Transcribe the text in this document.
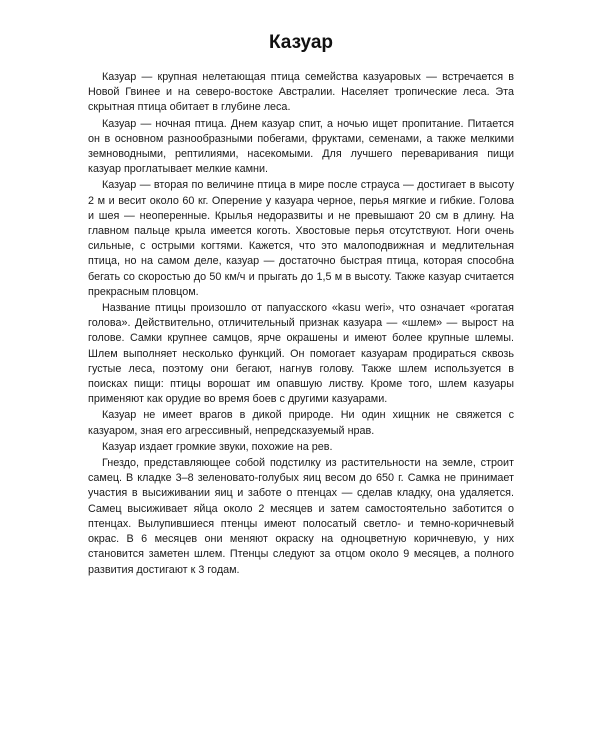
Казуар

Казуар — крупная нелетающая птица семейства казуаровых — встречается в Новой Гвинее и на северо-востоке Австралии. Населяет тропические леса. Эта скрытная птица обитает в глубине леса.

Казуар — ночная птица. Днем казуар спит, а ночью ищет пропитание. Питается он в основном разнообразными побегами, фруктами, семенами, а также мелкими земноводными, рептилиями, насекомыми. Для лучшего переваривания пищи казуар проглатывает мелкие камни.

Казуар — вторая по величине птица в мире после страуса — достигает в высоту 2 м и весит около 60 кг. Оперение у казуара черное, перья мягкие и гибкие. Голова и шея — неоперенные. Крылья недоразвиты и не превышают 20 см в длину. На главном пальце крыла имеется коготь. Хвостовые перья отсутствуют. Ноги очень сильные, с острыми когтями. Кажется, что это малоподвижная и медлительная птица, но на самом деле, казуар — достаточно быстрая птица, которая способна бегать со скоростью до 50 км/ч и прыгать до 1,5 м в высоту. Также казуар считается прекрасным пловцом.

Название птицы произошло от папуасского «kasu weri», что означает «рогатая голова». Действительно, отличительный признак казуара — «шлем» — вырост на голове. Самки крупнее самцов, ярче окрашены и имеют более крупные шлемы. Шлем выполняет несколько функций. Он помогает казуарам продираться сквозь густые леса, поэтому они бегают, нагнув голову. Также шлем используется в поисках пищи: птицы ворошат им опавшую листву. Кроме того, шлем казуары применяют как орудие во время боев с другими казуарами.

Казуар не имеет врагов в дикой природе. Ни один хищник не свяжется с казуаром, зная его агрессивный, непредсказуемый нрав.

Казуар издает громкие звуки, похожие на рев.

Гнездо, представляющее собой подстилку из растительности на земле, строит самец. В кладке 3–8 зеленовато-голубых яиц весом до 650 г. Самка не принимает участия в высиживании яиц и заботе о птенцах — сделав кладку, она удаляется. Самец высиживает яйца около 2 месяцев и затем самостоятельно заботится о птенцах. Вылупившиеся птенцы имеют полосатый светло- и темно-коричневый окрас. В 6 месяцев они меняют окраску на одноцветную коричневую, у них становится заметен шлем. Птенцы следуют за отцом около 9 месяцев, а полного развития достигают к 3 годам.
